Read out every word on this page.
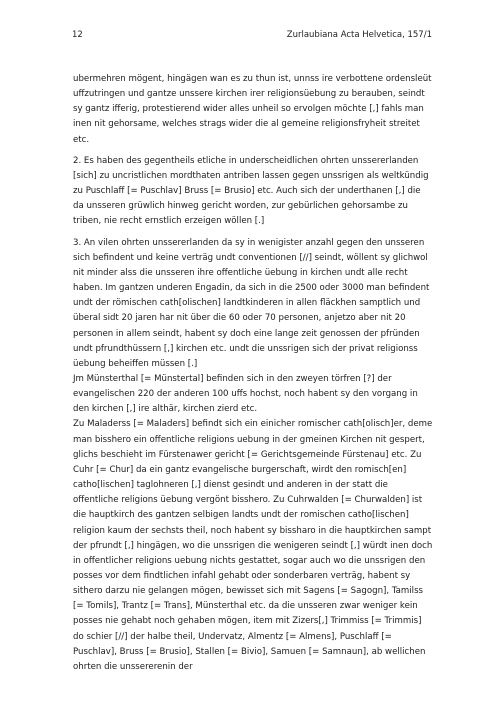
12	Zurlaubiana Acta Helvetica, 157/1

ubermehren mögent, hingägen wan es zu thun ist, unnss ire verbottene ordensleüt uffzutringen und gantze unssere kirchen irer religionsüebung zu berauben, seindt sy gantz ifferig, protestierend wider alles unheil so ervolgen möchte [,] fahls man inen nit gehorsame, welches strags wider die al gemeine religionsfryheit streitet etc.

2. Es haben des gegentheils etliche in underscheidlichen ohrten unssererlanden [sich] zu uncristlichen mordthaten antriben lassen gegen unssrigen als weltkündig zu Puschlaff [= Puschlav] Bruss [= Brusio] etc. Auch sich der underthanen [,] die da unsseren grüwlich hinweg gericht worden, zur gebürlichen gehorsambe zu triben, nie recht ernstlich erzeigen wöllen [.]

3. An vilen ohrten unssererlanden da sy in wenigister anzahl gegen den unsseren sich befindent und keine verträg undt conventionen [//] seindt, wöllent sy glichwol nit minder alss die unsseren ihre offentliche üebung in kirchen undt alle recht haben. Im gantzen underen Engadin, da sich in die 2500 oder 3000 man befindent undt der römischen cath[olischen] landtkinderen in allen fläckhen samptlich und überal sidt 20 jaren har nit über die 60 oder 70 personen, anjetzo aber nit 20 personen in allem seindt, habent sy doch eine lange zeit genossen der pfründen undt pfrundthüssern [,] kirchen etc. undt die unssrigen sich der privat religionss üebung beheiffen müssen [.]

Jm Münsterthal [= Münstertal] befinden sich in den zweyen törfren [?] der evangelischen 220 der anderen 100 uffs hochst, noch habent sy den vorgang in den kirchen [,] ire althär, kirchen zierd etc.

Zu Maladerss [= Maladers] befindt sich ein einicher romischer cath[olisch]er, deme man bisshero ein offentliche religions uebung in der gmeinen Kirchen nit gespert, glichs beschieht im Fürstenawer gericht [= Gerichtsgemeinde Fürstenau] etc. Zu Cuhr [= Chur] da ein gantz evangelische burgerschaft, wirdt den romisch[en] catho[lischen] taglohneren [,] dienst gesindt und anderen in der statt die offentliche religions üebung vergönt bisshero. Zu Cuhrwalden [= Churwalden] ist die hauptkirch des gantzen selbigen landts undt der romischen catho[lischen] religion kaum der sechsts theil, noch habent sy bissharo in die hauptkirchen sampt der pfrundt [,] hingägen, wo die unssrigen die wenigeren seindt [,] würdt inen doch in offentlicher religions uebung nichts gestattet, sogar auch wo die unssrigen den posses vor dem findtlichen infahl gehabt oder sonderbaren verträg, habent sy sithero darzu nie gelangen mögen, bewisset sich mit Sagens [= Sagogn], Tamilss [= Tomils], Trantz [= Trans], Münsterthal etc. da die unsseren zwar weniger kein posses nie gehabt noch gehaben mögen, item mit Zizers[,] Trimmiss [= Trimmis] do schier [//] der halbe theil, Undervatz, Almentz [= Almens], Puschlaff [= Puschlav], Bruss [= Brusio], Stallen [= Bivio], Samuen [= Samnaun], ab wellichen ohrten die unssererenin der
